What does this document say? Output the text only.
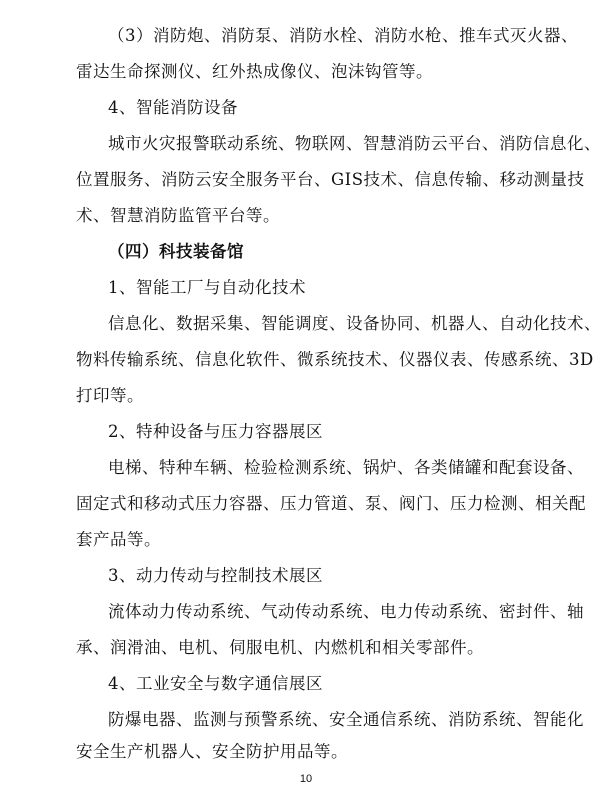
（3）消防炮、消防泵、消防水栓、消防水枪、推车式灭火器、
雷达生命探测仪、红外热成像仪、泡沫钩管等。
4、智能消防设备
城市火灾报警联动系统、物联网、智慧消防云平台、消防信息化、
位置服务、消防云安全服务平台、GIS技术、信息传输、移动测量技
术、智慧消防监管平台等。
（四）科技装备馆
1、智能工厂与自动化技术
信息化、数据采集、智能调度、设备协同、机器人、自动化技术、
物料传输系统、信息化软件、微系统技术、仪器仪表、传感系统、3D
打印等。
2、特种设备与压力容器展区
电梯、特种车辆、检验检测系统、锅炉、各类储罐和配套设备、
固定式和移动式压力容器、压力管道、泵、阀门、压力检测、相关配
套产品等。
3、动力传动与控制技术展区
流体动力传动系统、气动传动系统、电力传动系统、密封件、轴
承、润滑油、电机、伺服电机、内燃机和相关零部件。
4、工业安全与数字通信展区
防爆电器、监测与预警系统、安全通信系统、消防系统、智能化
安全生产机器人、安全防护用品等。
10
